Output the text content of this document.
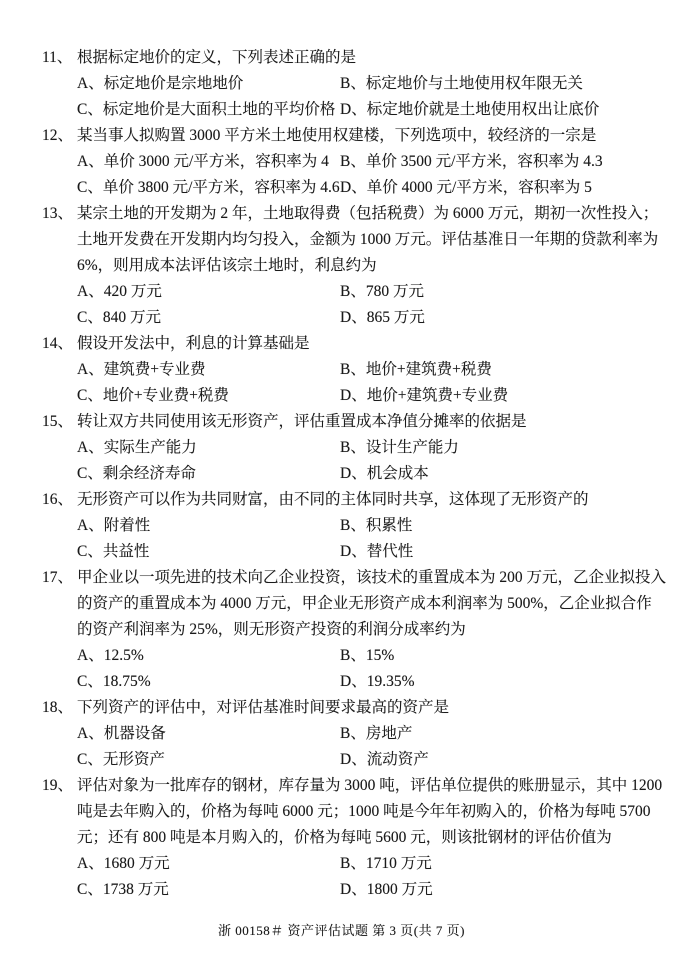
11、 根据标定地价的定义，下列表述正确的是
A、标定地价是宗地地价	B、标定地价与土地使用权年限无关
C、标定地价是大面积土地的平均价格 D、标定地价就是土地使用权出让底价
12、 某当事人拟购置 3000 平方米土地使用权建楼，下列选项中，较经济的一宗是
A、单价 3000 元/平方米，容积率为 4 B、单价 3500 元/平方米，容积率为 4.3
C、单价 3800 元/平方米，容积率为 4.6 D、单价 4000 元/平方米，容积率为 5
13、 某宗土地的开发期为 2 年，土地取得费（包括税费）为 6000 万元，期初一次性投入；
土地开发费在开发期内均匀投入，金额为 1000 万元。评估基准日一年期的贷款利率为
6%，则用成本法评估该宗土地时，利息约为
A、420 万元	B、780 万元
C、840 万元	D、865 万元
14、 假设开发法中，利息的计算基础是
A、建筑费+专业费	B、地价+建筑费+税费
C、地价+专业费+税费	D、地价+建筑费+专业费
15、 转让双方共同使用该无形资产，评估重置成本净值分摊率的依据是
A、实际生产能力	B、设计生产能力
C、剩余经济寿命	D、机会成本
16、 无形资产可以作为共同财富，由不同的主体同时共享，这体现了无形资产的
A、附着性	B、积累性
C、共益性	D、替代性
17、 甲企业以一项先进的技术向乙企业投资，该技术的重置成本为 200 万元，乙企业拟投入
的资产的重置成本为 4000 万元，甲企业无形资产成本利润率为 500%，乙企业拟合作
的资产利润率为 25%，则无形资产投资的利润分成率约为
A、12.5%	B、15%
C、18.75%	D、19.35%
18、 下列资产的评估中，对评估基准时间要求最高的资产是
A、机器设备	B、房地产
C、无形资产	D、流动资产
19、 评估对象为一批库存的钢材，库存量为 3000 吨，评估单位提供的账册显示，其中 1200
吨是去年购入的，价格为每吨 6000 元；1000 吨是今年年初购入的，价格为每吨 5700
元；还有 800 吨是本月购入的，价格为每吨 5600 元，则该批钢材的评估价值为
A、1680 万元	B、1710 万元
C、1738 万元	D、1800 万元
浙 00158＃ 资产评估试题 第 3 页(共 7 页)
